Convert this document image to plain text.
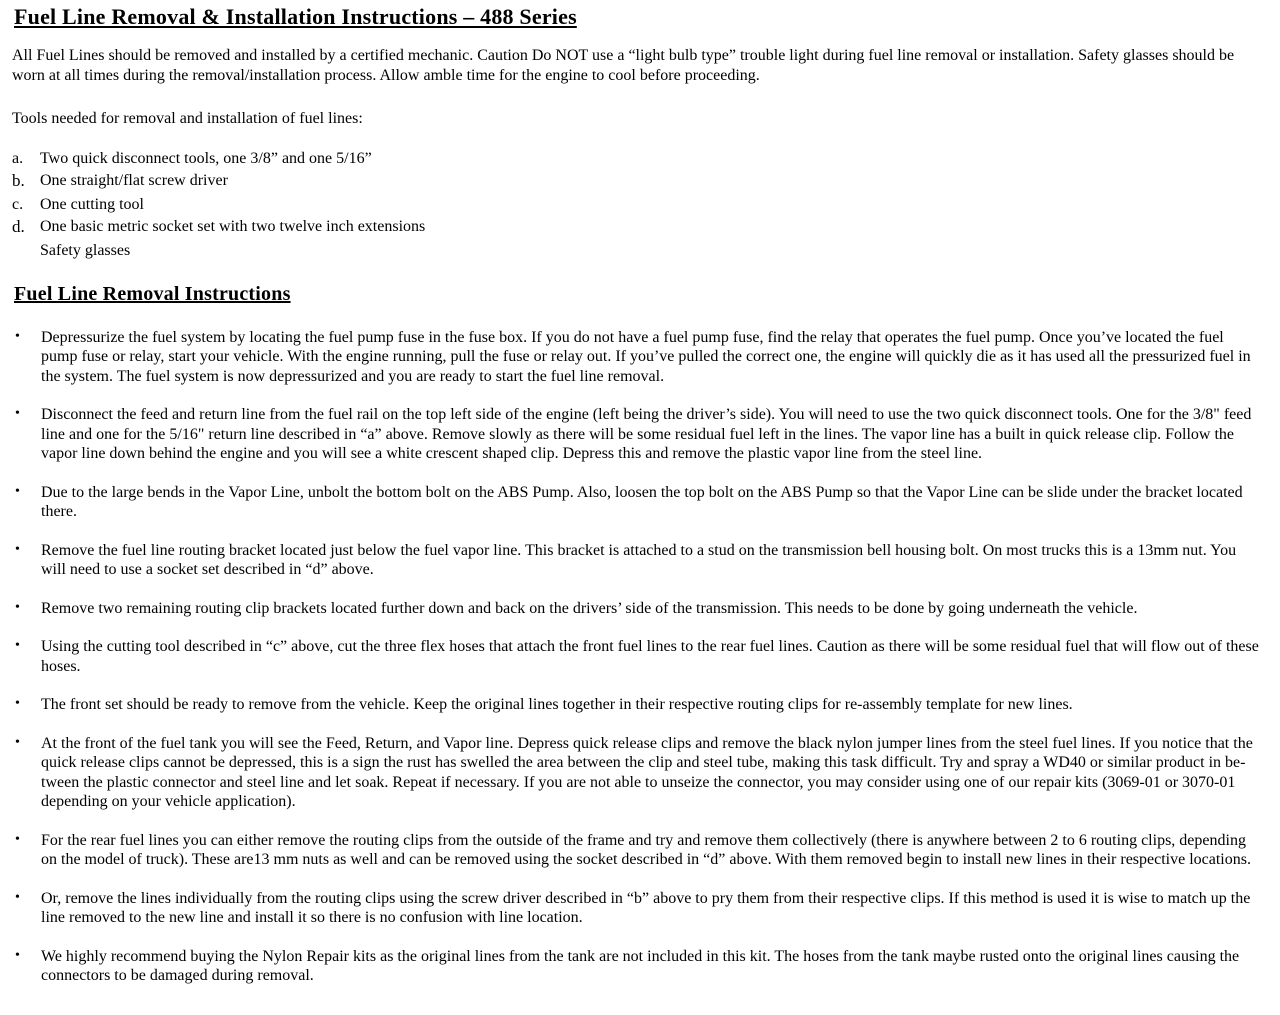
Fuel Line Removal & Installation Instructions – 488 Series

All Fuel Lines should be removed and installed by a certified mechanic. Caution Do NOT use a “light bulb type” trouble light during fuel line removal or installation. Safety glasses should be worn at all times during the removal/installation process. Allow amble time for the engine to cool before proceeding.

Tools needed for removal and installation of fuel lines:

a.	Two quick disconnect tools, one 3/8” and one 5/16”
b. One straight/flat screw driver
c.	One cutting tool
d. One basic metric socket set with two twelve inch extensions
Safety glasses
Fuel Line Removal Instructions
•	Depressurize the fuel system by locating the fuel pump fuse in the fuse box. If you do not have a fuel pump fuse, find the relay that operates the fuel pump. Once you’ve located the fuel pump fuse or relay, start your vehicle. With the engine running, pull the fuse or relay out. If you’ve pulled the correct one, the engine will quickly die as it has used all the pressurized fuel in the system. The fuel system is now depressurized and you are ready to start the fuel line removal.
•	Disconnect the feed and return line from the fuel rail on the top left side of the engine (left being the driver’s side). You will need to use the two quick disconnect tools. One for the 3/8" feed line and one for the 5/16" return line described in “a” above. Remove slowly as there will be some residual fuel left in the lines. The vapor line has a built in quick release clip. Follow the vapor line down behind the engine and you will see a white crescent shaped clip. Depress this and remove the plastic vapor line from the steel line.
•	Due to the large bends in the Vapor Line, unbolt the bottom bolt on the ABS Pump. Also, loosen the top bolt on the ABS Pump so that the Vapor Line can be slide under the bracket located there.
•	Remove the fuel line routing bracket located just below the fuel vapor line. This bracket is attached to a stud on the transmission bell housing bolt. On most trucks this is a 13mm nut. You will need to use a socket set described in “d” above.
•	Remove two remaining routing clip brackets located further down and back on the drivers’ side of the transmission. This needs to be done by going underneath the vehicle.
•	Using the cutting tool described in “c” above, cut the three flex hoses that attach the front fuel lines to the rear fuel lines. Caution as there will be some residual fuel that will flow out of these hoses.
•	The front set should be ready to remove from the vehicle. Keep the original lines together in their respective routing clips for re-assembly template for new lines.
•	At the front of the fuel tank you will see the Feed, Return, and Vapor line. Depress quick release clips and remove the black nylon jumper lines from the steel fuel lines. If you notice that the quick release clips cannot be depressed, this is a sign the rust has swelled the area between the clip and steel tube, making this task difficult. Try and spray a WD40 or similar product in be-tween the plastic connector and steel line and let soak. Repeat if necessary. If you are not able to unseize the connector, you may consider using one of our repair kits (3069-01 or 3070-01 depending on your vehicle application).
•	For the rear fuel lines you can either remove the routing clips from the outside of the frame and try and remove them collectively (there is anywhere between 2 to 6 routing clips, depending on the model of truck). These are13 mm nuts as well and can be removed using the socket described in “d” above. With them removed begin to install new lines in their respective locations.
•	Or, remove the lines individually from the routing clips using the screw driver described in “b” above to pry them from their respective clips. If this method is used it is wise to match up the line removed to the new line and install it so there is no confusion with line location.
•	We highly recommend buying the Nylon Repair kits as the original lines from the tank are not included in this kit. The hoses from the tank maybe rusted onto the original lines causing the connectors to be damaged during removal.
